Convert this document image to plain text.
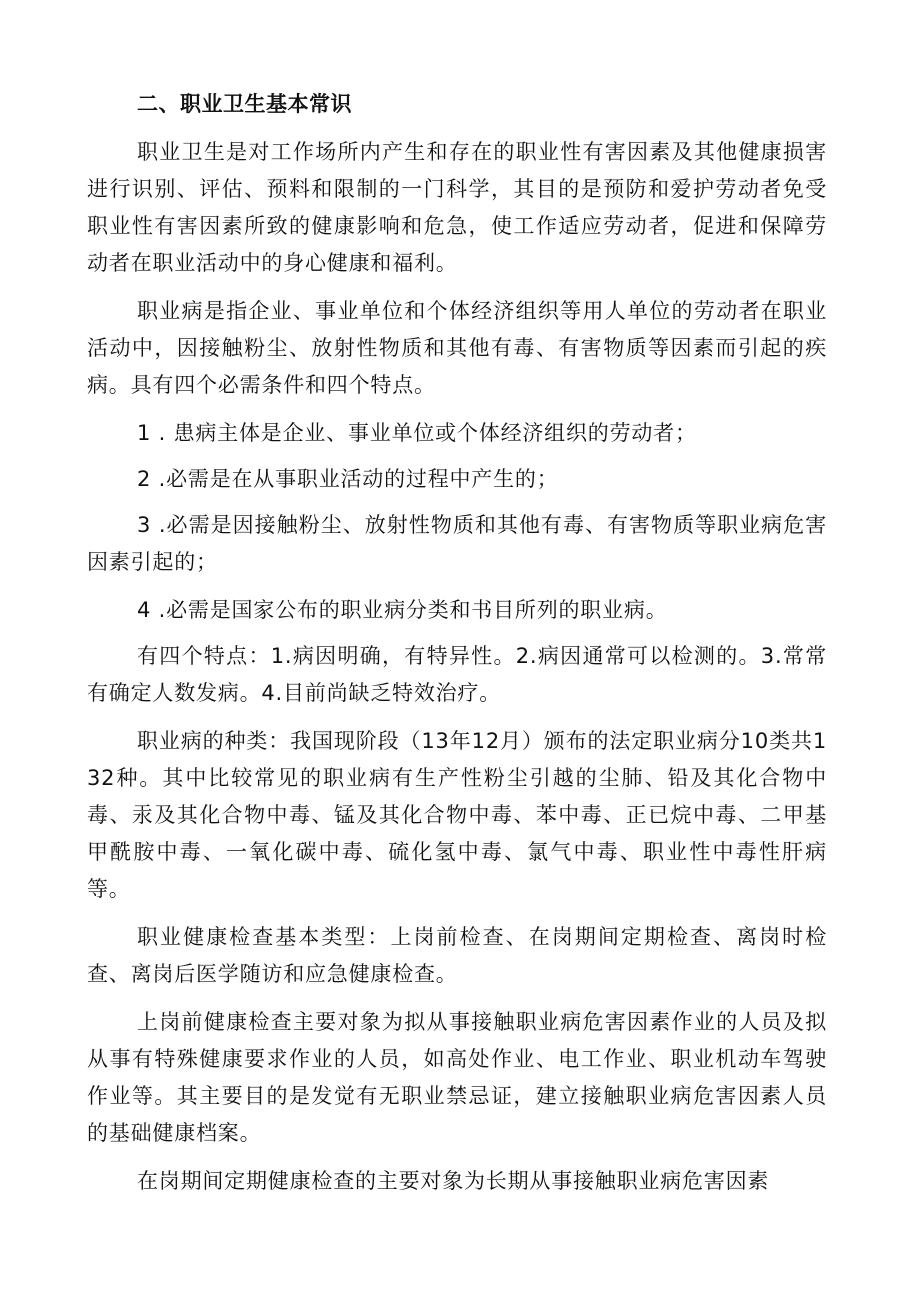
二、职业卫生基本常识

职业卫生是对工作场所内产生和存在的职业性有害因素及其他健康损害进行识别、评估、预料和限制的一门科学，其目的是预防和爱护劳动者免受职业性有害因素所致的健康影响和危急，使工作适应劳动者，促进和保障劳动者在职业活动中的身心健康和福利。

职业病是指企业、事业单位和个体经济组织等用人单位的劳动者在职业活动中，因接触粉尘、放射性物质和其他有毒、有害物质等因素而引起的疾病。具有四个必需条件和四个特点。

1 . 患病主体是企业、事业单位或个体经济组织的劳动者；

2 .必需是在从事职业活动的过程中产生的；

3 .必需是因接触粉尘、放射性物质和其他有毒、有害物质等职业病危害因素引起的；

4 .必需是国家公布的职业病分类和书目所列的职业病。

有四个特点：1.病因明确，有特异性。2.病因通常可以检测的。3.常常有确定人数发病。4.目前尚缺乏特效治疗。

职业病的种类：我国现阶段（13年12月）颁布的法定职业病分10类共132种。其中比较常见的职业病有生产性粉尘引越的尘肺、铅及其化合物中毒、汞及其化合物中毒、锰及其化合物中毒、苯中毒、正已烷中毒、二甲基甲酰胺中毒、一氧化碳中毒、硫化氢中毒、氯气中毒、职业性中毒性肝病等。

职业健康检查基本类型：上岗前检查、在岗期间定期检查、离岗时检查、离岗后医学随访和应急健康检查。

上岗前健康检查主要对象为拟从事接触职业病危害因素作业的人员及拟从事有特殊健康要求作业的人员，如高处作业、电工作业、职业机动车驾驶作业等。其主要目的是发觉有无职业禁忌证，建立接触职业病危害因素人员的基础健康档案。

在岗期间定期健康检查的主要对象为长期从事接触职业病危害因素
